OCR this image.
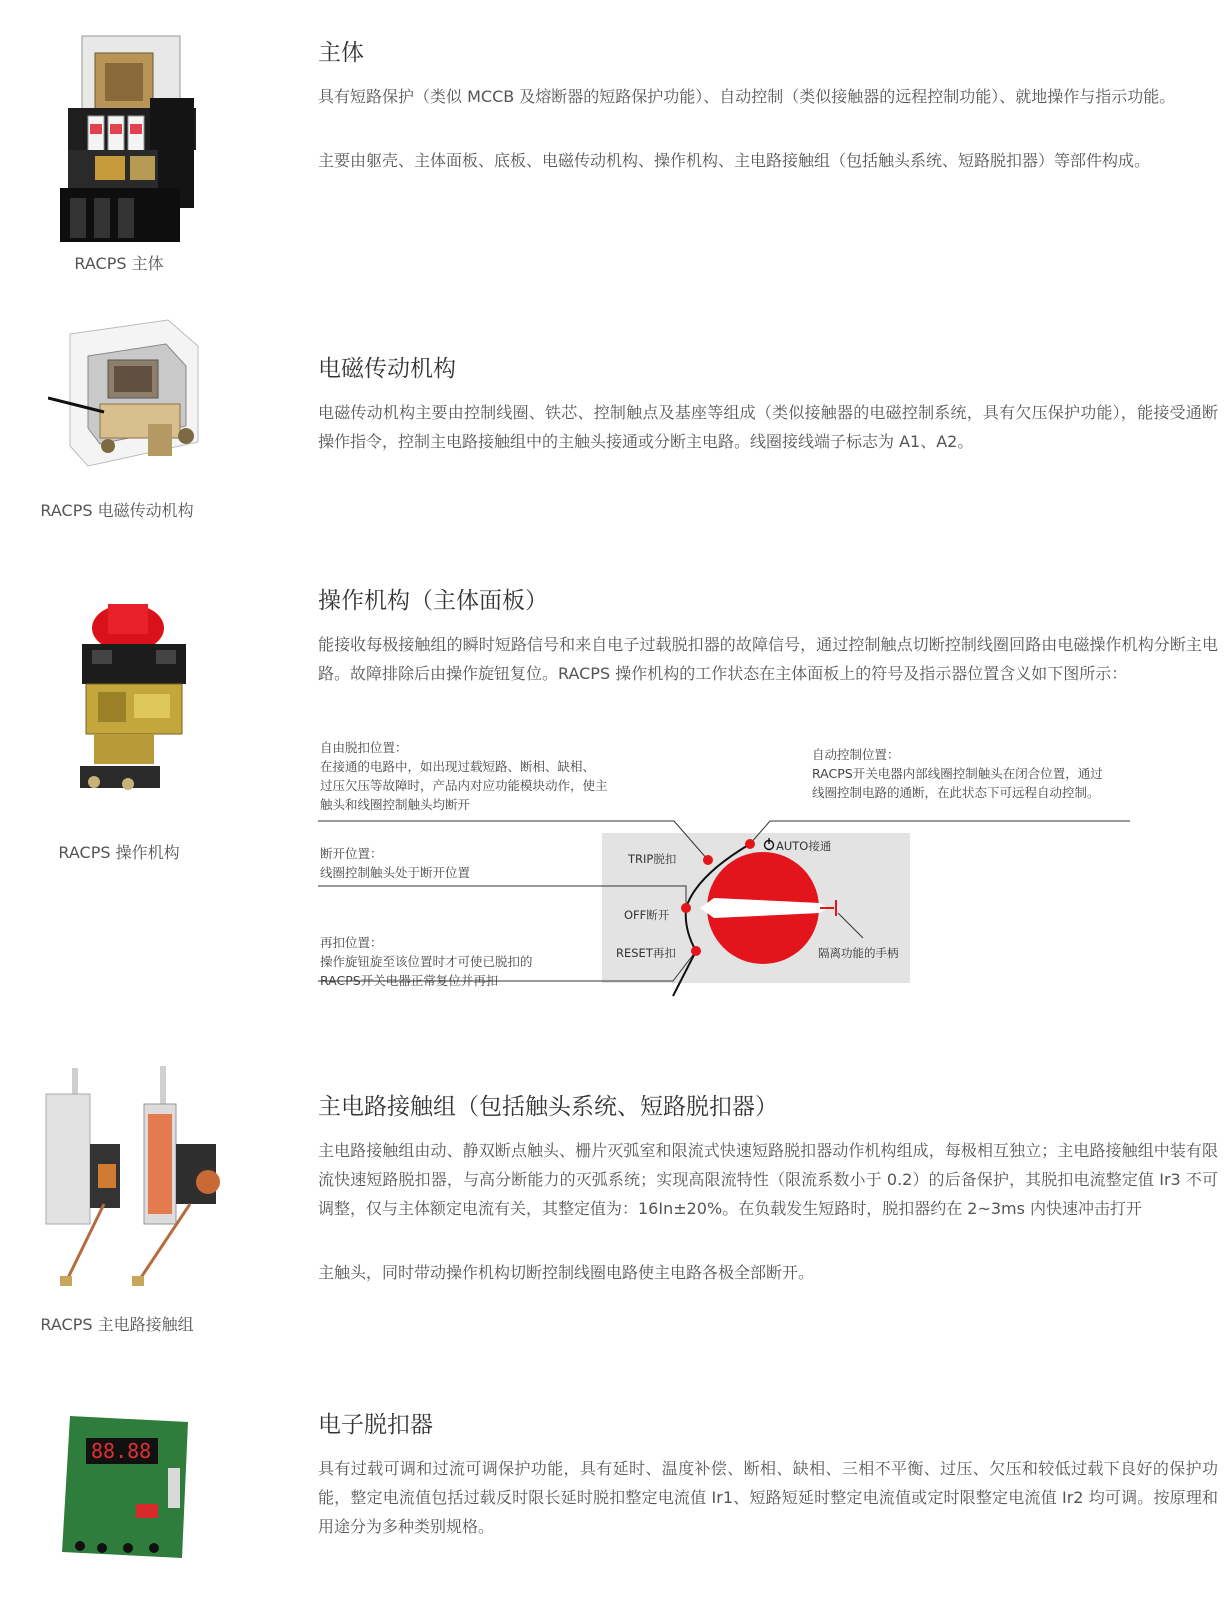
RACPS 主体
主体

具有短路保护（类似 MCCB 及熔断器的短路保护功能）、自动控制（类似接触器的远程控制功能）、就地操作与指示功能。

主要由躯壳、主体面板、底板、电磁传动机构、操作机构、主电路接触组（包括触头系统、短路脱扣器）等部件构成。

RACPS 电磁传动机构
电磁传动机构

电磁传动机构主要由控制线圈、铁芯、控制触点及基座等组成（类似接触器的电磁控制系统，具有欠压保护功能），能接受通断操作指令，控制主电路接触组中的主触头接通或分断主电路。线圈接线端子标志为 A1、A2。

RACPS 操作机构
操作机构（主体面板）

能接收每极接触组的瞬时短路信号和来自电子过载脱扣器的故障信号，通过控制触点切断控制线圈回路由电磁操作机构分断主电路。故障排除后由操作旋钮复位。RACPS 操作机构的工作状态在主体面板上的符号及指示器位置含义如下图所示：

自由脱扣位置：
在接通的电路中，如出现过载短路、断相、缺相、
过压欠压等故障时，产品内对应功能模块动作，使主
触头和线圈控制触头均断开
自动控制位置：
RACPS开关电器内部线圈控制触头在闭合位置，通过
线圈控制电路的通断，在此状态下可远程自动控制。
断开位置：
线圈控制触头处于断开位置
再扣位置：
操作旋钮旋至该位置时才可使已脱扣的
RACPS开关电器正常复位并再扣
TRIP脱扣
AUTO接通
OFF断开
RESET再扣	隔离功能的手柄
RACPS 主电路接触组
主电路接触组（包括触头系统、短路脱扣器）

主电路接触组由动、静双断点触头、栅片灭弧室和限流式快速短路脱扣器动作机构组成，每极相互独立；主电路接触组中装有限流快速短路脱扣器，与高分断能力的灭弧系统；实现高限流特性（限流系数小于 0.2）的后备保护，其脱扣电流整定值 Ir3 不可调整，仅与主体额定电流有关，其整定值为：16In±20%。在负载发生短路时，脱扣器约在 2~3ms 内快速冲击打开

主触头，同时带动操作机构切断控制线圈电路使主电路各极全部断开。

88.88
电子脱扣器

具有过载可调和过流可调保护功能，具有延时、温度补偿、断相、缺相、三相不平衡、过压、欠压和较低过载下良好的保护功能，整定电流值包括过载反时限长延时脱扣整定电流值 Ir1、短路短延时整定电流值或定时限整定电流值 Ir2 均可调。按原理和用途分为多种类别规格。
